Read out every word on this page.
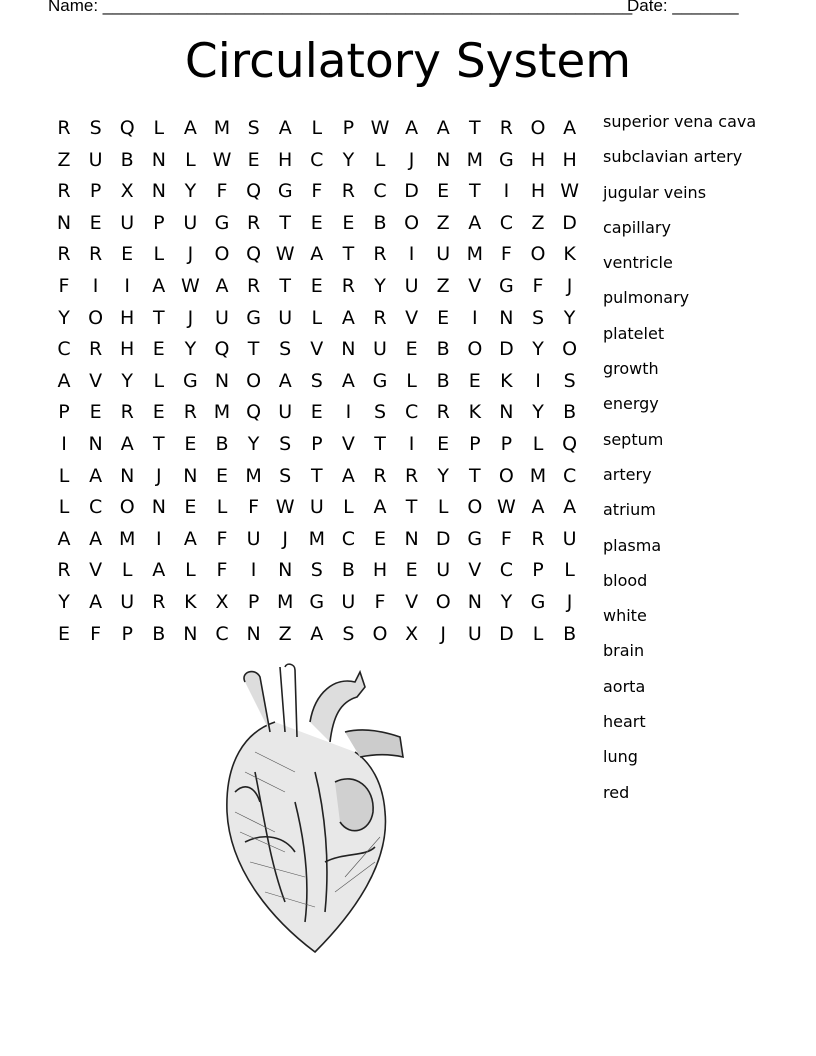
Name: ________________________________________________________
Date: _______
Circulatory System
R S Q L	A M S	A	L	P W A A	T	R O A
Z U B N	L W E H C	Y	L	J	N M G H H
R	P	X N Y	F Q G F	R C D E	T	I	H W
N E U P U G R	T	E	E	B O Z A C Z D
R R E	L	J	O Q W A	T	R	I	U M F O K
F	I	I	A W A R	T	E R	Y U Z V G F	J
Y O H T	J	U G U	L	A R V	E	I	N S	Y
C R H E	Y Q T	S	V N U E	B O D Y O
A V	Y	L G N O A	S	A G L	B	E	K	I	S
P	E R	E R M Q U E	I	S C R K N Y	B
I	N A	T	E	B	Y	S	P	V	T	I	E	P	P	L Q
L	A N	J	N E M S	T	A R R	Y	T O M C
L	C O N E	L	F W U	L	A	T	L O W A A
A A M	I	A	F	U	J	M C E N D G F	R U
R V	L	A	L	F	I	N S	B H E U V C	P	L
Y	A U R K X	P M G U	F	V O N Y G	J
E	F	P	B N C N Z A	S O X	J	U D	L	B
superior vena cava
subclavian artery
jugular veins
capillary
ventricle
pulmonary
platelet
growth
energy
septum
artery
atrium
plasma
blood
white
brain
aorta
heart
lung
red
